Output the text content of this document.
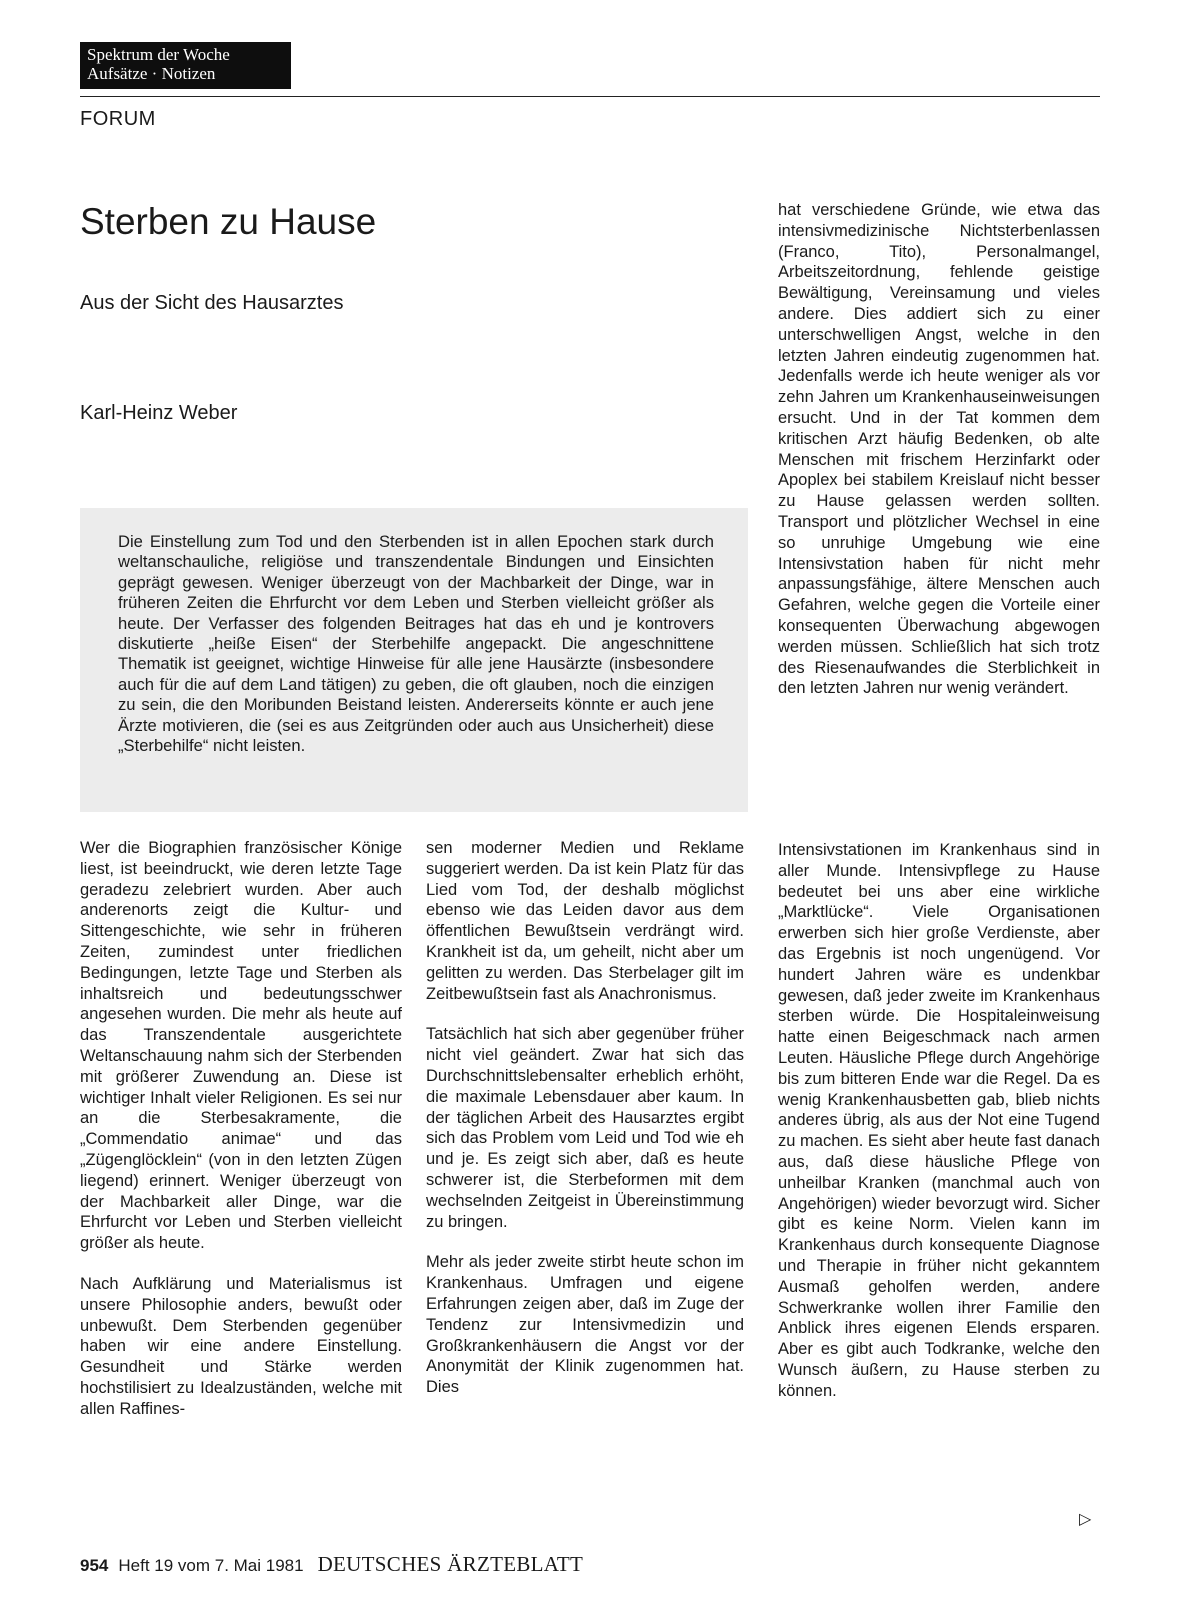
Spektrum der Woche
Aufsätze · Notizen
FORUM
Sterben zu Hause
Aus der Sicht des Hausarztes
Karl-Heinz Weber

Die Einstellung zum Tod und den Sterbenden ist in allen Epochen stark durch weltanschauliche, religiöse und transzendentale Bindungen und Einsichten geprägt gewesen. Weniger überzeugt von der Machbarkeit der Dinge, war in früheren Zeiten die Ehrfurcht vor dem Leben und Sterben vielleicht größer als heute. Der Verfasser des folgenden Beitrages hat das eh und je kontrovers diskutierte „heiße Eisen“ der Sterbehilfe angepackt. Die angeschnittene Thematik ist geeignet, wichtige Hinweise für alle jene Hausärzte (insbesondere auch für die auf dem Land tätigen) zu geben, die oft glauben, noch die einzigen zu sein, die den Moribunden Beistand leisten. Andererseits könnte er auch jene Ärzte motivieren, die (sei es aus Zeitgründen oder auch aus Unsicherheit) diese „Sterbehilfe“ nicht leisten.

Wer die Biographien französischer Könige liest, ist beeindruckt, wie deren letzte Tage geradezu zelebriert wurden. Aber auch anderenorts zeigt die Kultur- und Sittengeschichte, wie sehr in früheren Zeiten, zumindest unter friedlichen Bedingungen, letzte Tage und Sterben als inhaltsreich und bedeutungsschwer angesehen wurden. Die mehr als heute auf das Transzendentale ausgerichtete Weltanschauung nahm sich der Sterbenden mit größerer Zuwendung an. Diese ist wichtiger Inhalt vieler Religionen. Es sei nur an die Sterbesakramente, die „Commendatio animae“ und das „Zügenglöcklein“ (von in den letzten Zügen liegend) erinnert. Weniger überzeugt von der Machbarkeit aller Dinge, war die Ehrfurcht vor Leben und Sterben vielleicht größer als heute.

Nach Aufklärung und Materialismus ist unsere Philosophie anders, bewußt oder unbewußt. Dem Sterbenden gegenüber haben wir eine andere Einstellung. Gesundheit und Stärke werden hochstilisiert zu Idealzuständen, welche mit allen Raffines-

sen moderner Medien und Reklame suggeriert werden. Da ist kein Platz für das Lied vom Tod, der deshalb möglichst ebenso wie das Leiden davor aus dem öffentlichen Bewußtsein verdrängt wird. Krankheit ist da, um geheilt, nicht aber um gelitten zu werden. Das Sterbelager gilt im Zeitbewußtsein fast als Anachronismus.

Tatsächlich hat sich aber gegenüber früher nicht viel geändert. Zwar hat sich das Durchschnittslebensalter erheblich erhöht, die maximale Lebensdauer aber kaum. In der täglichen Arbeit des Hausarztes ergibt sich das Problem vom Leid und Tod wie eh und je. Es zeigt sich aber, daß es heute schwerer ist, die Sterbeformen mit dem wechselnden Zeitgeist in Übereinstimmung zu bringen.

Mehr als jeder zweite stirbt heute schon im Krankenhaus. Umfragen und eigene Erfahrungen zeigen aber, daß im Zuge der Tendenz zur Intensivmedizin und Großkrankenhäusern die Angst vor der Anonymität der Klinik zugenommen hat. Dies

hat verschiedene Gründe, wie etwa das intensivmedizinische Nichtsterbenlassen (Franco, Tito), Personalmangel, Arbeitszeitordnung, fehlende geistige Bewältigung, Vereinsamung und vieles andere. Dies addiert sich zu einer unterschwelligen Angst, welche in den letzten Jahren eindeutig zugenommen hat. Jedenfalls werde ich heute weniger als vor zehn Jahren um Krankenhauseinweisungen ersucht. Und in der Tat kommen dem kritischen Arzt häufig Bedenken, ob alte Menschen mit frischem Herzinfarkt oder Apoplex bei stabilem Kreislauf nicht besser zu Hause gelassen werden sollten. Transport und plötzlicher Wechsel in eine so unruhige Umgebung wie eine Intensivstation haben für nicht mehr anpassungsfähige, ältere Menschen auch Gefahren, welche gegen die Vorteile einer konsequenten Überwachung abgewogen werden müssen. Schließlich hat sich trotz des Riesenaufwandes die Sterblichkeit in den letzten Jahren nur wenig verändert.

Intensivstationen im Krankenhaus sind in aller Munde. Intensivpflege zu Hause bedeutet bei uns aber eine wirkliche „Marktlücke“. Viele Organisationen erwerben sich hier große Verdienste, aber das Ergebnis ist noch ungenügend. Vor hundert Jahren wäre es undenkbar gewesen, daß jeder zweite im Krankenhaus sterben würde. Die Hospitaleinweisung hatte einen Beigeschmack nach armen Leuten. Häusliche Pflege durch Angehörige bis zum bitteren Ende war die Regel. Da es wenig Krankenhausbetten gab, blieb nichts anderes übrig, als aus der Not eine Tugend zu machen. Es sieht aber heute fast danach aus, daß diese häusliche Pflege von unheilbar Kranken (manchmal auch von Angehörigen) wieder bevorzugt wird. Sicher gibt es keine Norm. Vielen kann im Krankenhaus durch konsequente Diagnose und Therapie in früher nicht gekanntem Ausmaß geholfen werden, andere Schwerkranke wollen ihrer Familie den Anblick ihres eigenen Elends ersparen. Aber es gibt auch Todkranke, welche den Wunsch äußern, zu Hause sterben zu können.

▷
954 Heft 19 vom 7. Mai 1981 DEUTSCHES ÄRZTEBLATT
